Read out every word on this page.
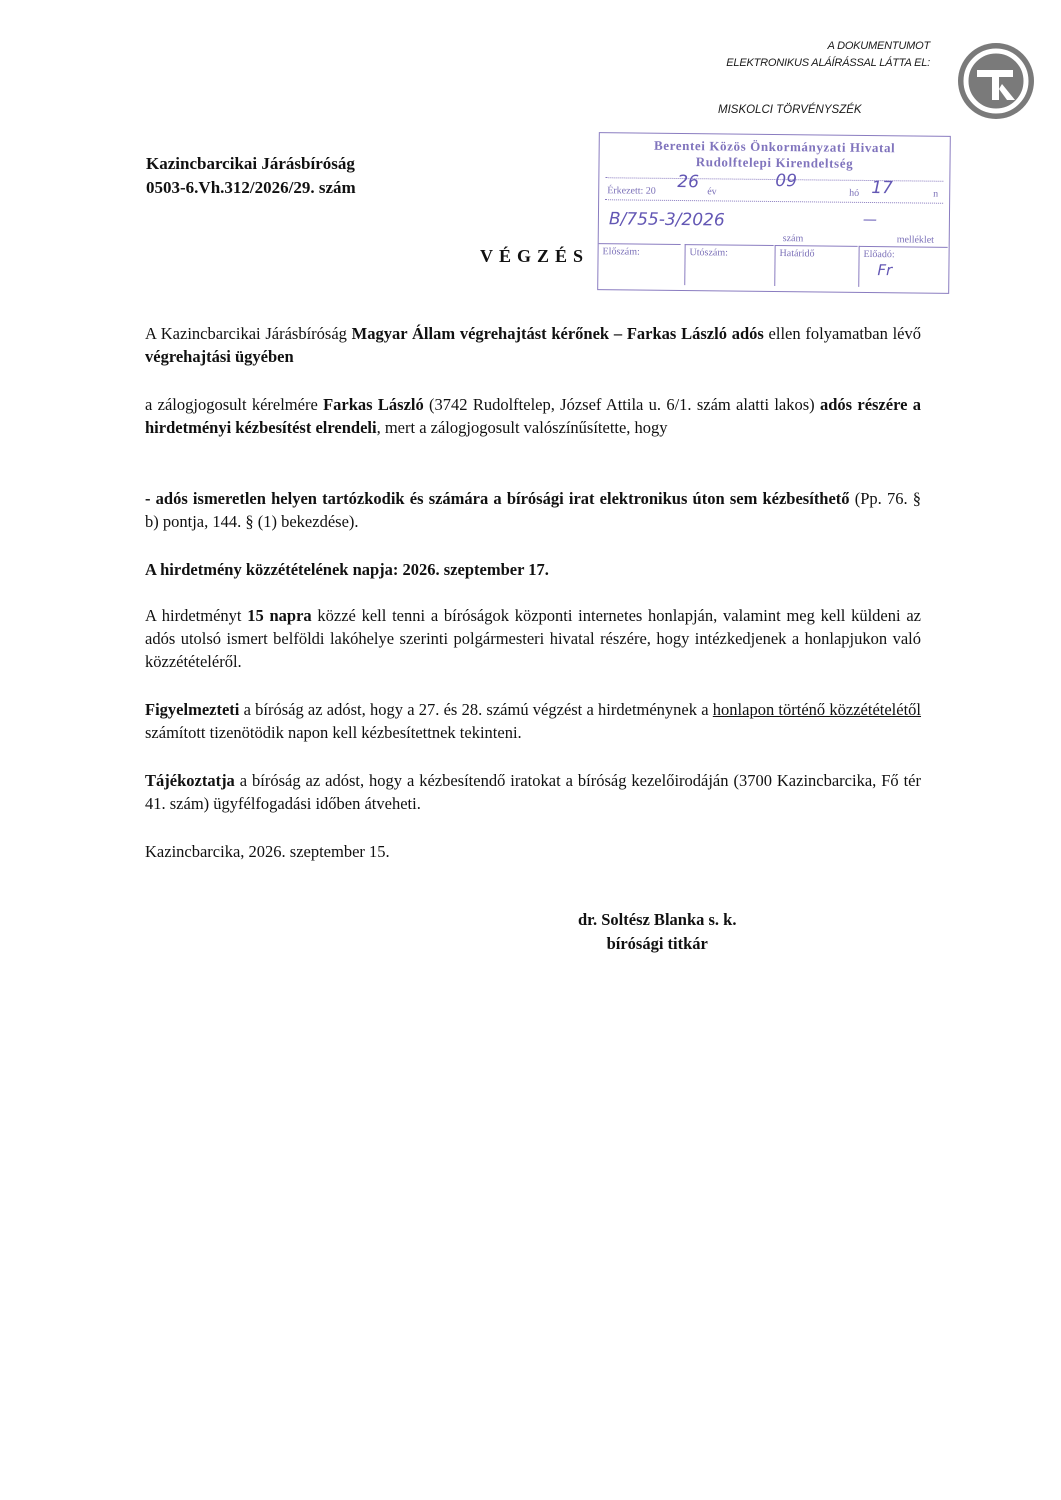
A DOKUMENTUMOT
ELEKTRONIKUS ALÁÍRÁSSAL LÁTTA EL:
MISKOLCI TÖRVÉNYSZÉK
Kazincbarcikai Járásbíróság
0503-6.Vh.312/2026/29. szám
VÉGZÉS
Berentei Közös Önkormányzati Hivatal
Rudolftelepi Kirendeltség
Érkezett: 20 26 év
09
hó 17	n
B/755-3/2026
szám
—
melléklet
Előszám:	Utószám:	Határidő	Előadó:
Fr
A Kazincbarcikai Járásbíróság Magyar Állam végrehajtást kérőnek – Farkas László adós ellen folyamatban lévő végrehajtási ügyében
a zálogjogosult kérelmére Farkas László (3742 Rudolftelep, József Attila u. 6/1. szám alatti lakos) adós részére a hirdetményi kézbesítést elrendeli, mert a zálogjogosult valószínűsítette, hogy
- adós ismeretlen helyen tartózkodik és számára a bírósági irat elektronikus úton sem kézbesíthető (Pp. 76. § b) pontja, 144. § (1) bekezdése).
A hirdetmény közzétételének napja: 2026. szeptember 17.
A hirdetményt 15 napra közzé kell tenni a bíróságok központi internetes honlapján, valamint meg kell küldeni az adós utolsó ismert belföldi lakóhelye szerinti polgármesteri hivatal részére, hogy intézkedjenek a honlapjukon való közzétételéről.
Figyelmezteti a bíróság az adóst, hogy a 27. és 28. számú végzést a hirdetménynek a honlapon történő közzétételétől számított tizenötödik napon kell kézbesítettnek tekinteni.
Tájékoztatja a bíróság az adóst, hogy a kézbesítendő iratokat a bíróság kezelőirodáján (3700 Kazincbarcika, Fő tér 41. szám) ügyfélfogadási időben átveheti.
Kazincbarcika, 2026. szeptember 15.
dr. Soltész Blanka s. k.
bírósági titkár
